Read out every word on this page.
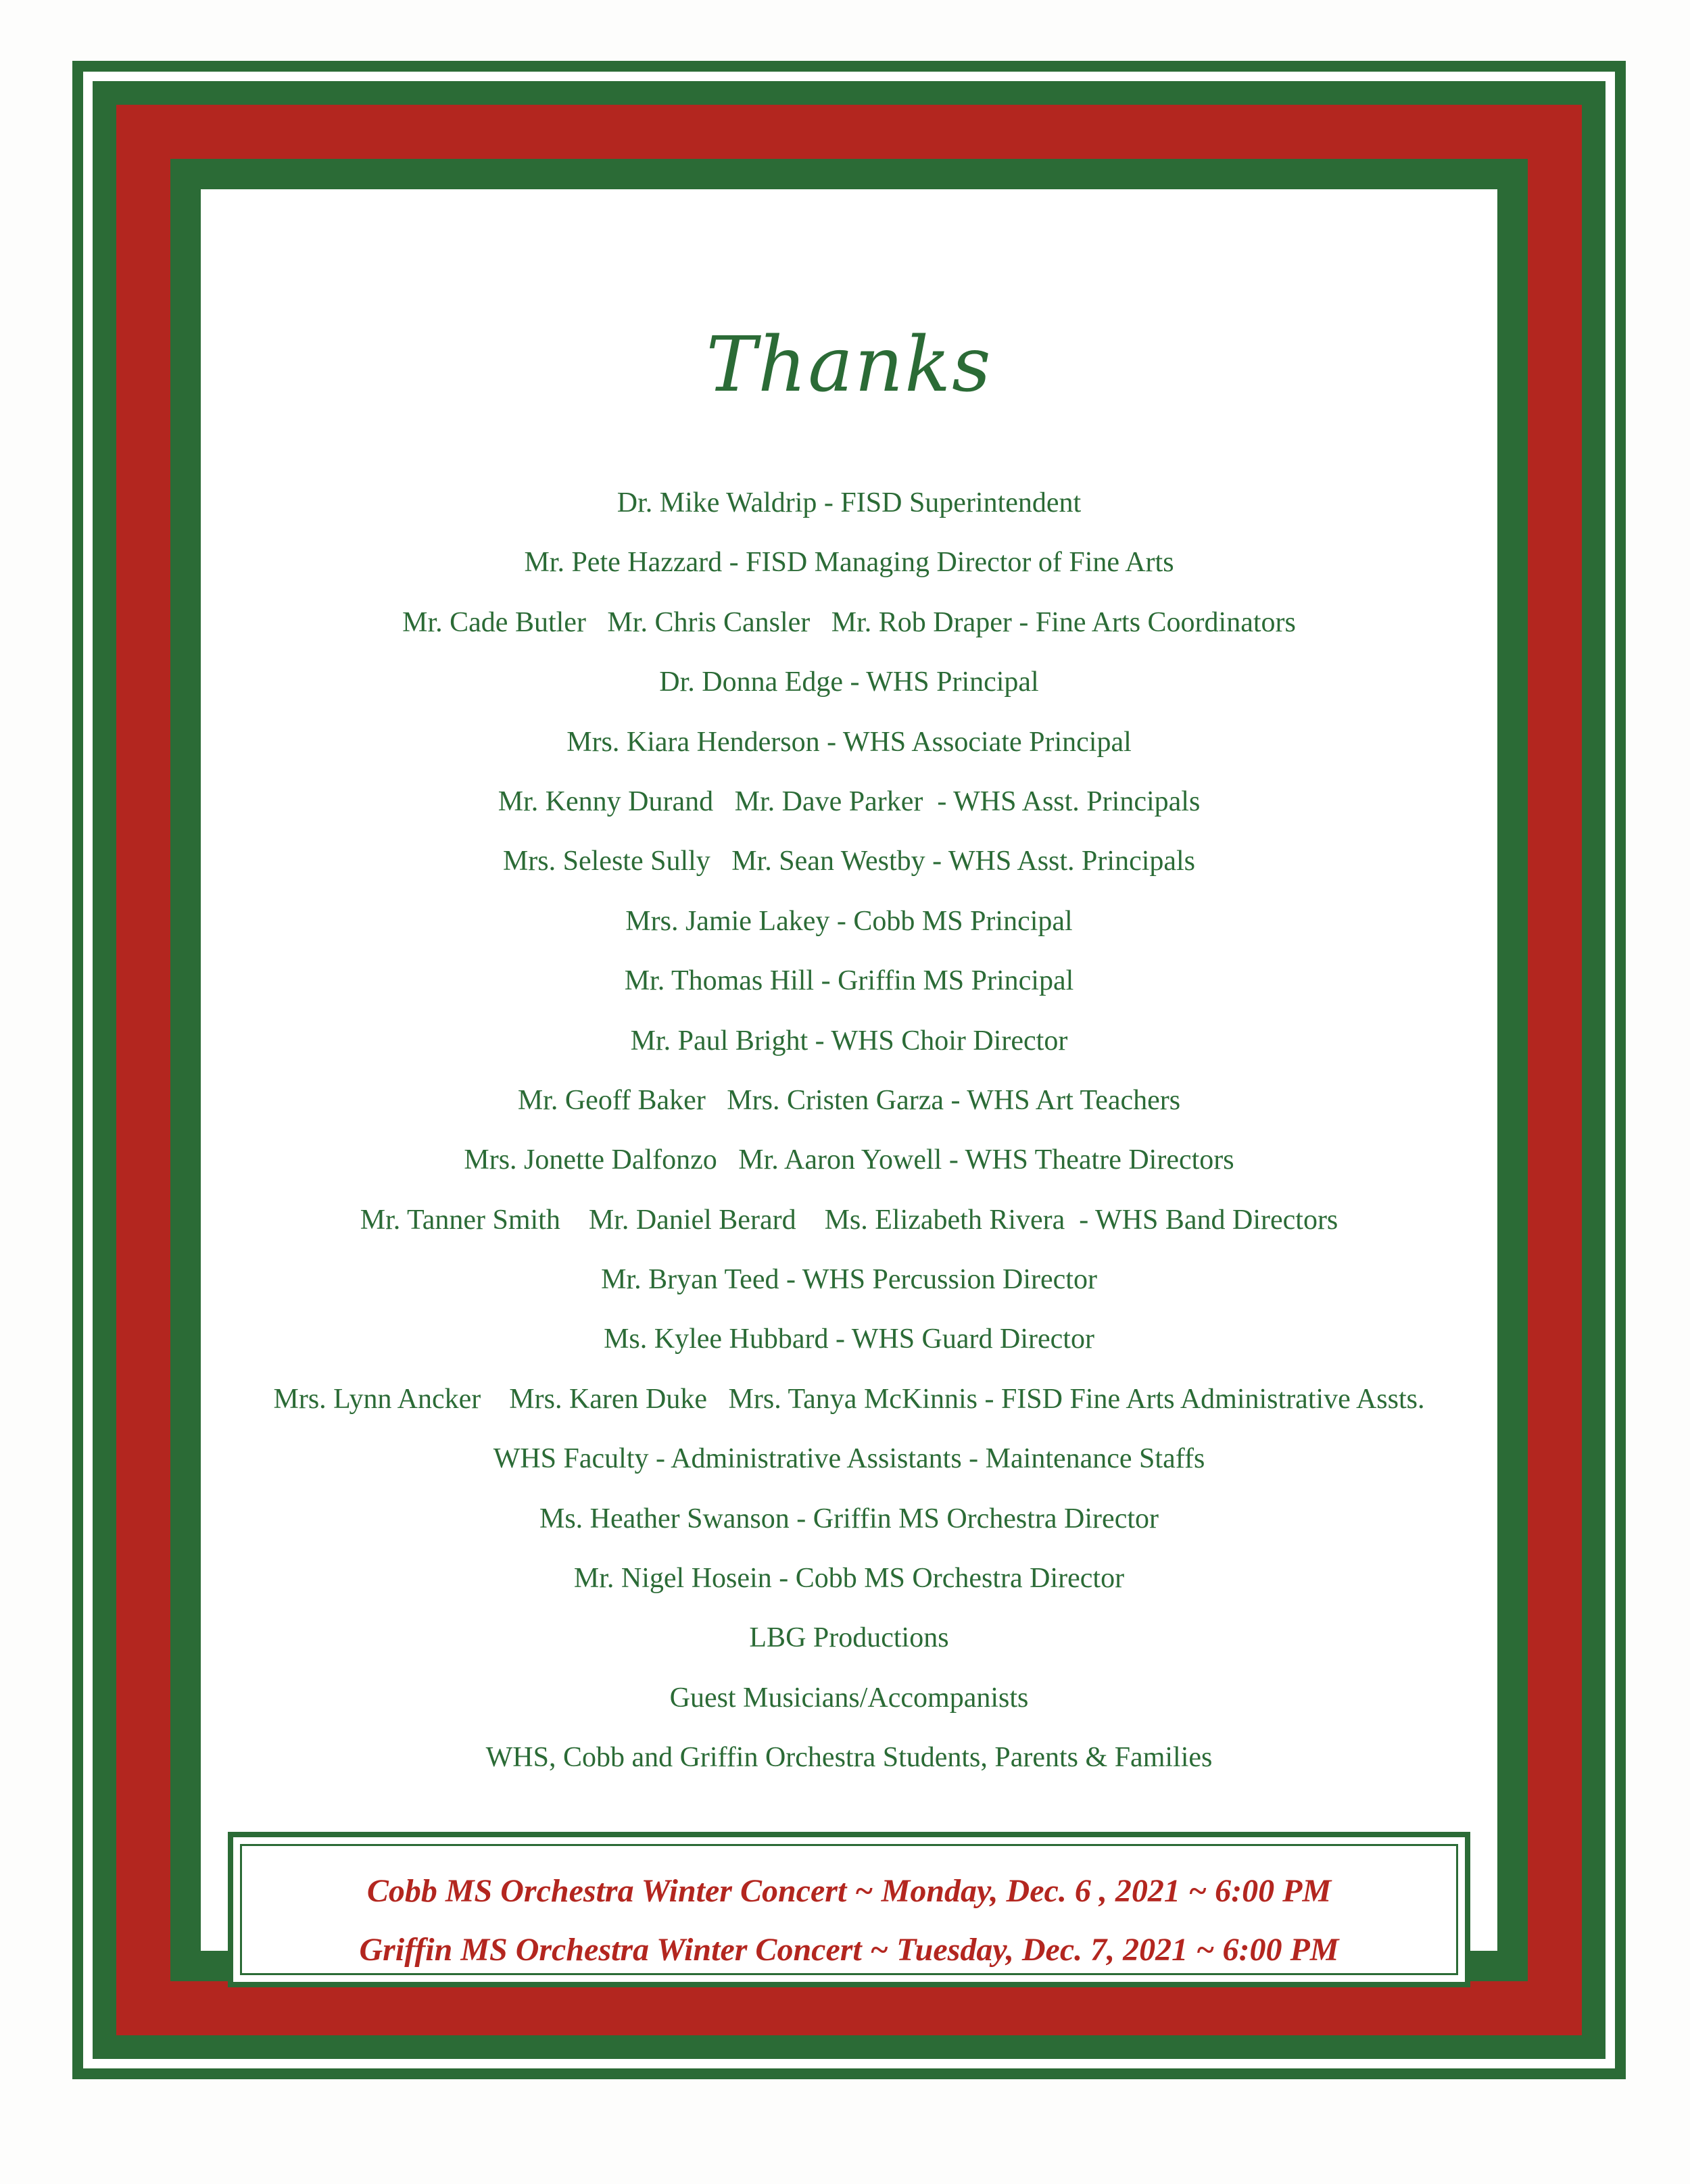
Thanks
Dr. Mike Waldrip - FISD Superintendent
Mr. Pete Hazzard - FISD Managing Director of Fine Arts
Mr. Cade Butler   Mr. Chris Cansler   Mr. Rob Draper - Fine Arts Coordinators
Dr. Donna Edge - WHS Principal
Mrs. Kiara Henderson - WHS Associate Principal
Mr. Kenny Durand   Mr. Dave Parker  - WHS Asst. Principals
Mrs. Seleste Sully   Mr. Sean Westby - WHS Asst. Principals
Mrs. Jamie Lakey - Cobb MS Principal
Mr. Thomas Hill - Griffin MS Principal
Mr. Paul Bright - WHS Choir Director
Mr. Geoff Baker   Mrs. Cristen Garza - WHS Art Teachers
Mrs. Jonette Dalfonzo   Mr. Aaron Yowell - WHS Theatre Directors
Mr. Tanner Smith    Mr. Daniel Berard    Ms. Elizabeth Rivera  - WHS Band Directors
Mr. Bryan Teed - WHS Percussion Director
Ms. Kylee Hubbard - WHS Guard Director
Mrs. Lynn Ancker    Mrs. Karen Duke   Mrs. Tanya McKinnis - FISD Fine Arts Administrative Assts.
WHS Faculty - Administrative Assistants - Maintenance Staffs
Ms. Heather Swanson - Griffin MS Orchestra Director
Mr. Nigel Hosein - Cobb MS Orchestra Director
LBG Productions
Guest Musicians/Accompanists
WHS, Cobb and Griffin Orchestra Students, Parents & Families
Cobb MS Orchestra Winter Concert ~ Monday, Dec. 6 , 2021 ~ 6:00 PM
Griffin MS Orchestra Winter Concert ~ Tuesday, Dec. 7, 2021 ~ 6:00 PM
